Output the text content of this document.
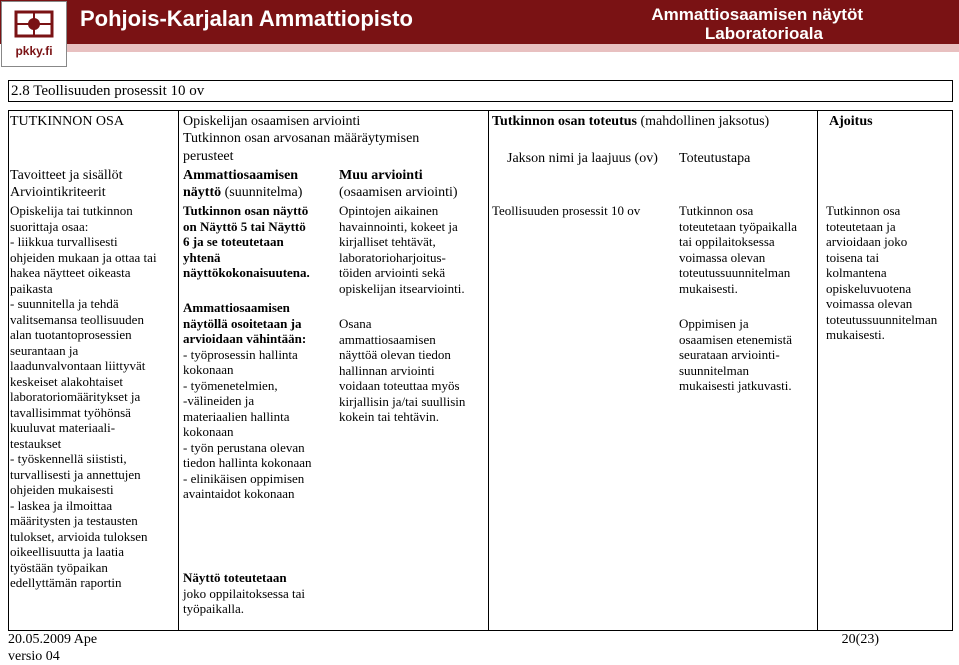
Pohjois-Karjalan Ammattiopisto	Ammattiosaamisen näytöt
Laboratorioala
pkky.fi
2.8 Teollisuuden prosessit 10 ov
TUTKINNON OSA
Tavoitteet ja sisällöt
Arviointikriteerit
Opiskelija tai tutkinnon
suorittaja osaa:
- liikkua turvallisesti
ohjeiden mukaan ja ottaa tai
hakea näytteet oikeasta
paikasta
- suunnitella ja tehdä
valitsemansa teollisuuden
alan tuotantoprosessien
seurantaan ja
laadunvalvontaan liittyvät
keskeiset alakohtaiset
laboratoriomääritykset ja
tavallisimmat työhönsä
kuuluvat materiaali-
testaukset
- työskennellä siististi,
turvallisesti ja annettujen
ohjeiden mukaisesti
- laskea ja ilmoittaa
määritysten ja testausten
tulokset, arvioida tuloksen
oikeellisuutta ja laatia
työstään työpaikan
edellyttämän raportin
Opiskelijan osaamisen arviointi
Tutkinnon osan arvosanan määräytymisen
perusteet
Ammattiosaamisen
näyttö (suunnitelma)
Tutkinnon osan näyttö
on Näyttö 5 tai Näyttö
6 ja se toteutetaan
yhtenä
näyttökokonaisuutena.
Ammattiosaamisen
näytöllä osoitetaan ja
arvioidaan vähintään:
- työprosessin hallinta
kokonaan
- työmenetelmien,
-välineiden ja
materiaalien hallinta
kokonaan
- työn perustana olevan
tiedon hallinta kokonaan
- elinikäisen oppimisen
avaintaidot kokonaan
Näyttö toteutetaan
joko oppilaitoksessa tai
työpaikalla.
Muu arviointi
(osaamisen arviointi)
Opintojen aikainen
havainnointi, kokeet ja
kirjalliset tehtävät,
laboratorioharjoitus-
töiden arviointi sekä
opiskelijan itsearviointi.
Osana
ammattiosaamisen
näyttöä olevan tiedon
hallinnan arviointi
voidaan toteuttaa myös
kirjallisin ja/tai suullisin
kokein tai tehtävin.
Tutkinnon osan toteutus (mahdollinen jaksotus)
Jakson nimi ja laajuus (ov) Toteutustapa
Teollisuuden prosessit 10 ov	Tutkinnon osa
toteutetaan työpaikalla
tai oppilaitoksessa
voimassa olevan
toteutussuunnitelman
mukaisesti.
Oppimisen ja
osaamisen etenemistä
seurataan arviointi-
suunnitelman
mukaisesti jatkuvasti.
Ajoitus
Tutkinnon osa
toteutetaan ja
arvioidaan joko
toisena tai
kolmantena
opiskeluvuotena
voimassa olevan
toteutussuunnitelman
mukaisesti.
20.05.2009 Ape
versio 04
20(23)
